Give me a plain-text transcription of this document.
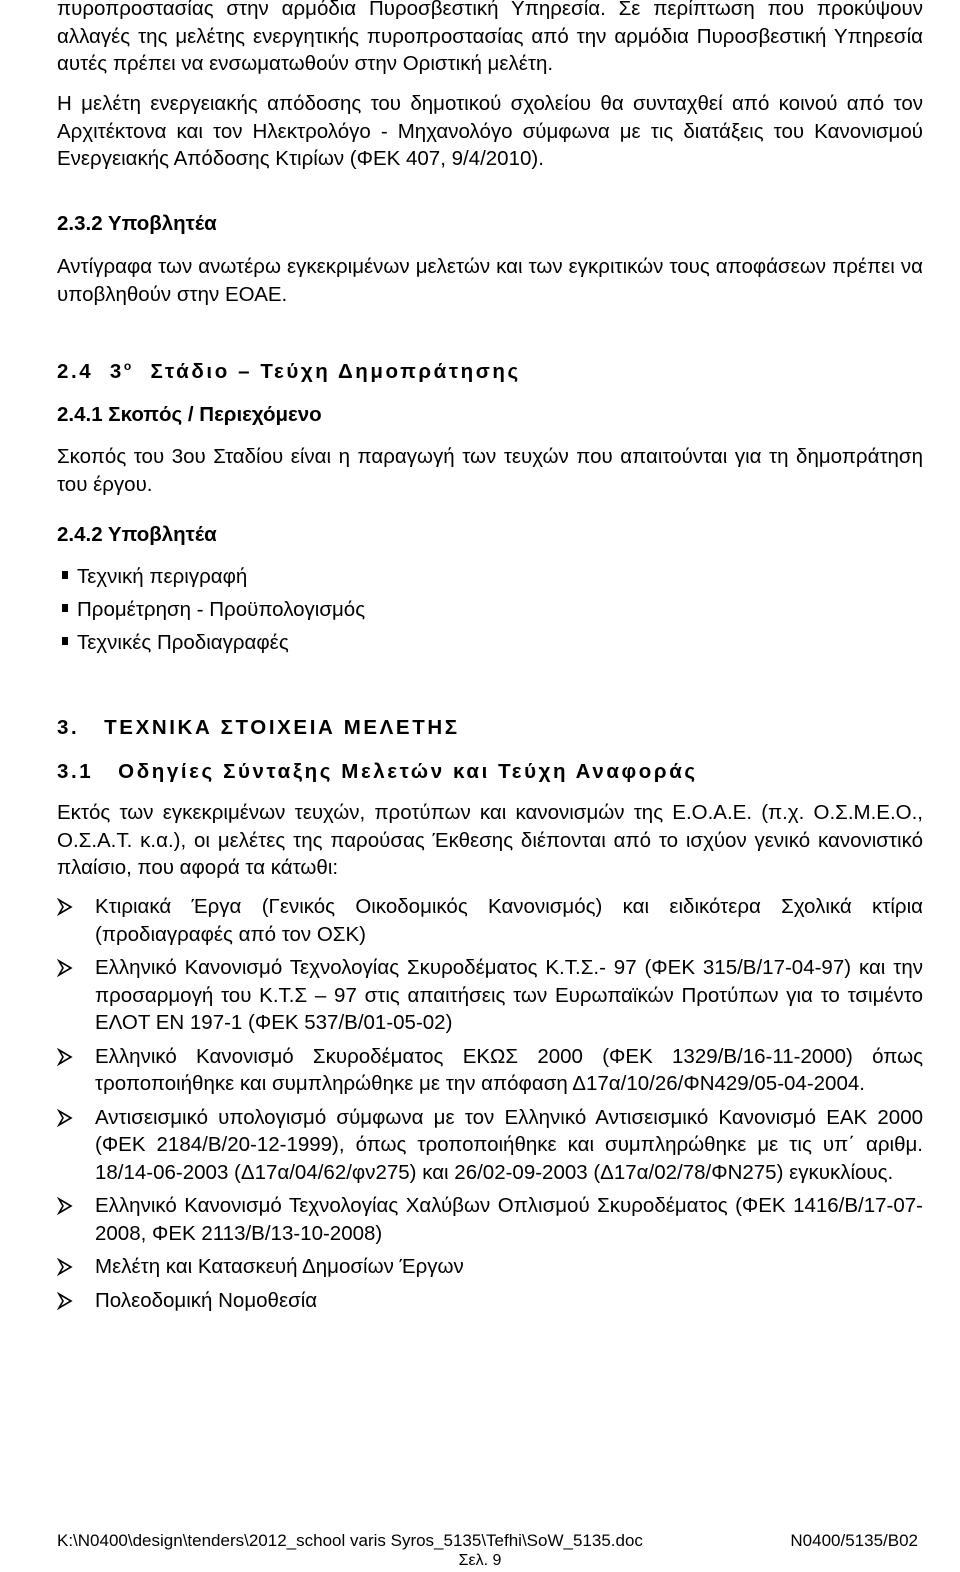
πυροπροστασίας στην αρμόδια Πυροσβεστική Υπηρεσία. Σε περίπτωση που προκύψουν αλλαγές της μελέτης ενεργητικής πυροπροστασίας από την αρμόδια Πυροσβεστική Υπηρεσία αυτές πρέπει να ενσωματωθούν στην Οριστική μελέτη.

Η μελέτη ενεργειακής απόδοσης του δημοτικού σχολείου θα συνταχθεί από κοινού από τον Αρχιτέκτονα και τον Ηλεκτρολόγο - Μηχανολόγο σύμφωνα με τις διατάξεις του Κανονισμού Ενεργειακής Απόδοσης Κτιρίων (ΦΕΚ 407, 9/4/2010).

2.3.2 Υποβλητέα

Αντίγραφα των ανωτέρω εγκεκριμένων μελετών και των εγκριτικών τους αποφάσεων πρέπει να υποβληθούν στην ΕΟΑΕ.

2.4 $3^o$ Στάδιο – Τεύχη Δημοπράτησης

2.4.1 Σκοπός / Περιεχόμενο

Σκοπός του 3ου Σταδίου είναι η παραγωγή των τευχών που απαιτούνται για τη δημοπράτηση του έργου.

2.4.2 Υποβλητέα

Τεχνική περιγραφή
Προμέτρηση - Προϋπολογισμός
Τεχνικές Προδιαγραφές

3.   ΤΕΧΝΙΚΑ ΣΤΟΙΧΕΙΑ ΜΕΛΕΤΗΣ

3.1   Οδηγίες Σύνταξης Μελετών και Τεύχη Αναφοράς

Εκτός των εγκεκριμένων τευχών, προτύπων και κανονισμών της Ε.Ο.Α.Ε. (π.χ. Ο.Σ.Μ.Ε.Ο., Ο.Σ.Α.Τ. κ.α.), οι μελέτες της παρούσας Έκθεσης διέπονται από το ισχύον γενικό κανονιστικό πλαίσιο, που αφορά τα κάτωθι:

Κτιριακά Έργα (Γενικός Οικοδομικός Κανονισμός) και ειδικότερα Σχολικά κτίρια (προδιαγραφές από τον ΟΣΚ)
Ελληνικό Κανονισμό Τεχνολογίας Σκυροδέματος Κ.Τ.Σ.- 97 (ΦΕΚ 315/Β/17-04-97) και την προσαρμογή του Κ.Τ.Σ – 97 στις απαιτήσεις των Ευρωπαϊκών Προτύπων για το τσιμέντο ΕΛΟΤ ΕΝ 197-1 (ΦΕΚ 537/Β/01-05-02)
Ελληνικό Κανονισμό Σκυροδέματος ΕΚΩΣ 2000 (ΦΕΚ 1329/Β/16-11-2000) όπως τροποποιήθηκε και συμπληρώθηκε με την απόφαση Δ17α/10/26/ΦΝ429/05-04-2004.
Αντισεισμικό υπολογισμό σύμφωνα με τον Ελληνικό Αντισεισμικό Κανονισμό ΕΑΚ 2000 (ΦΕΚ 2184/Β/20-12-1999), όπως τροποποιήθηκε και συμπληρώθηκε με τις υπ΄ αριθμ. 18/14-06-2003 (Δ17α/04/62/φν275) και 26/02-09-2003 (Δ17α/02/78/ΦΝ275) εγκυκλίους.
Ελληνικό Κανονισμό Τεχνολογίας Χαλύβων Οπλισμού Σκυροδέματος (ΦΕΚ 1416/Β/17-07-2008, ΦΕΚ 2113/Β/13-10-2008)
Μελέτη και Κατασκευή Δημοσίων Έργων
Πολεοδομική Νομοθεσία
K:\N0400\design\tenders\2012_school varis Syros_5135\Tefhi\SoW_5135.doc	N0400/5135/B02
Σελ. 9
